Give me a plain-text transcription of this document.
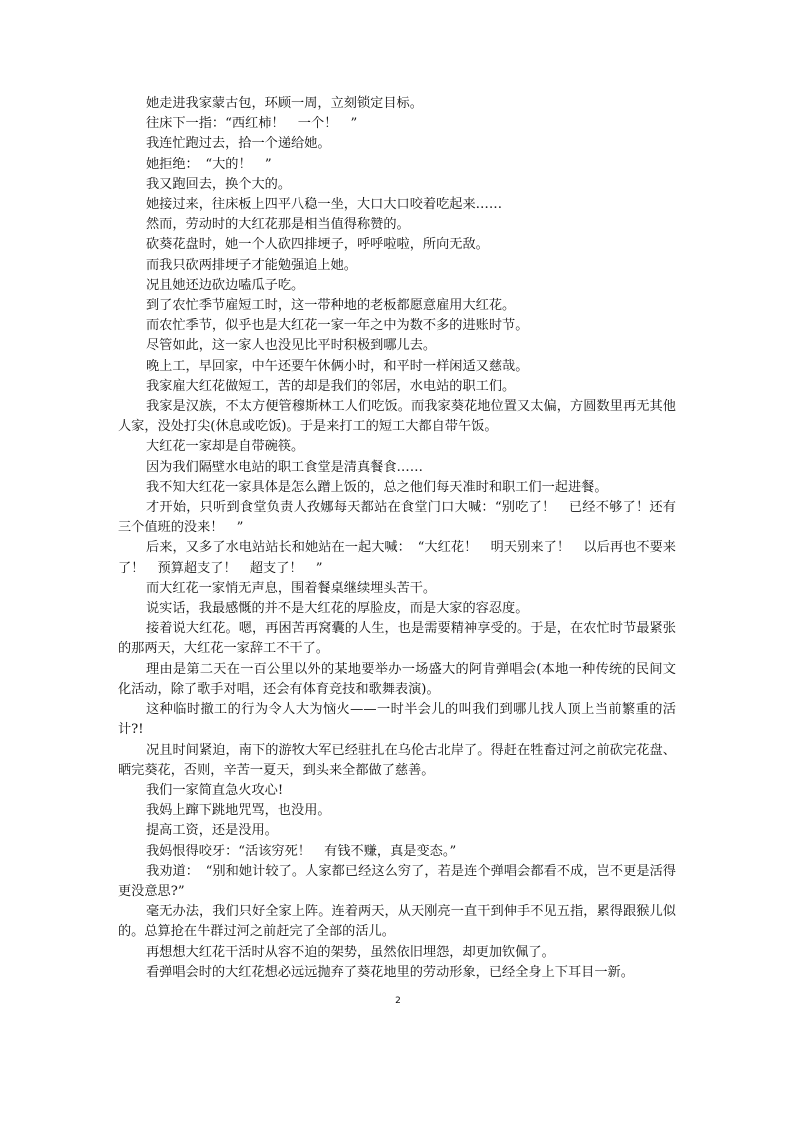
她走进我家蒙古包，环顾一周，立刻锁定目标。

往床下一指：“西红柿！　一个！　”

我连忙跑过去，拾一个递给她。

她拒绝：　“大的！　”

我又跑回去，换个大的。

她接过来，往床板上四平八稳一坐，大口大口咬着吃起来……

然而，劳动时的大红花那是相当值得称赞的。

砍葵花盘时，她一个人砍四排埂子，呼呼啦啦，所向无敌。

而我只砍两排埂子才能勉强追上她。

况且她还边砍边嗑瓜子吃。

到了农忙季节雇短工时，这一带种地的老板都愿意雇用大红花。

而农忙季节，似乎也是大红花一家一年之中为数不多的进账时节。

尽管如此，这一家人也没见比平时积极到哪儿去。

晚上工，早回家，中午还要午休俩小时，和平时一样闲适又慈哉。

我家雇大红花做短工，苦的却是我们的邻居，水电站的职工们。

我家是汉族，不太方便管穆斯林工人们吃饭。而我家葵花地位置又太偏，方圆数里再无其他人家，没处打尖(休息或吃饭)。于是来打工的短工大都自带午饭。

大红花一家却是自带碗筷。

因为我们隔壁水电站的职工食堂是清真餐食……

我不知大红花一家具体是怎么蹭上饭的，总之他们每天准时和职工们一起进餐。

才开始，只听到食堂负责人孜娜每天都站在食堂门口大喊：“别吃了！　已经不够了！还有三个值班的没来！　”

后来，又多了水电站站长和她站在一起大喊：　“大红花！　明天别来了！　以后再也不要来了！　预算超支了！　超支了！　”

而大红花一家悄无声息，围着餐桌继续埋头苦干。

说实话，我最感慨的并不是大红花的厚脸皮，而是大家的容忍度。

接着说大红花。嗯，再困苦再窝囊的人生，也是需要精神享受的。于是，在农忙时节最紧张的那两天，大红花一家辞工不干了。

理由是第二天在一百公里以外的某地要举办一场盛大的阿肯弹唱会(本地一种传统的民间文化活动，除了歌手对唱，还会有体育竞技和歌舞表演)。

这种临时撤工的行为令人大为恼火——一时半会儿的叫我们到哪儿找人顶上当前繁重的活计?!

况且时间紧迫，南下的游牧大军已经驻扎在乌伦古北岸了。得赶在牲畜过河之前砍完花盘、晒完葵花，否则，辛苦一夏天，到头来全都做了慈善。

我们一家简直急火攻心!

我妈上蹿下跳地咒骂，也没用。

提高工资，还是没用。

我妈恨得咬牙：“活该穷死！　有钱不赚，真是变态。”

我劝道：　“别和她计较了。人家都已经这么穷了，若是连个弹唱会都看不成，岂不更是活得更没意思?”

毫无办法，我们只好全家上阵。连着两天，从天刚亮一直干到伸手不见五指，累得跟猴儿似的。总算抢在牛群过河之前赶完了全部的活儿。

再想想大红花干活时从容不迫的架势，虽然依旧埋怨，却更加钦佩了。

看弹唱会时的大红花想必远远抛弃了葵花地里的劳动形象，已经全身上下耳目一新。

2
